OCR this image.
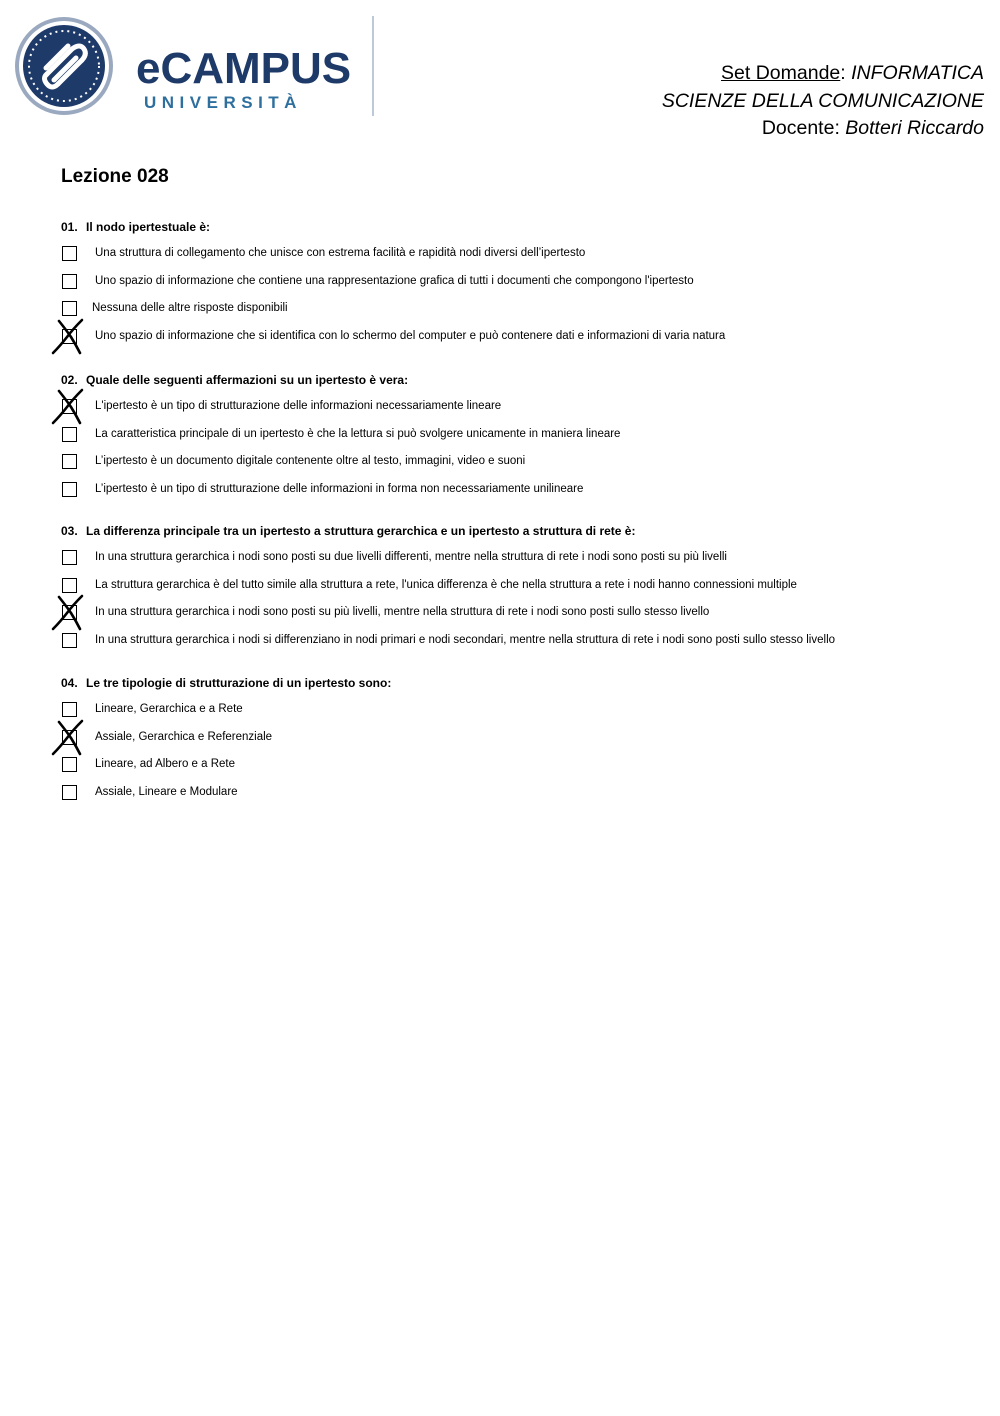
eCAMPUS
UNIVERSITÀ
Set Domande: INFORMATICA
SCIENZE DELLA COMUNICAZIONE
Docente: Botteri Riccardo
Lezione 028
01. Il nodo ipertestuale è:
Una struttura di collegamento che unisce con estrema facilità e rapidità nodi diversi dell’ipertesto
Uno spazio di informazione che contiene una rappresentazione grafica di tutti i documenti che compongono l'ipertesto
Nessuna delle altre risposte disponibili
Uno spazio di informazione che si identifica con lo schermo del computer e può contenere dati e informazioni di varia natura
02. Quale delle seguenti affermazioni su un ipertesto è vera:
L'ipertesto è un tipo di strutturazione delle informazioni necessariamente lineare
La caratteristica principale di un ipertesto è che la lettura si può svolgere unicamente in maniera lineare
L’ipertesto è un documento digitale contenente oltre al testo, immagini, video e suoni
L’ipertesto è un tipo di strutturazione delle informazioni in forma non necessariamente unilineare
03. La differenza principale tra un ipertesto a struttura gerarchica e un ipertesto a struttura di rete è:
In una struttura gerarchica i nodi sono posti su due livelli differenti, mentre nella struttura di rete i nodi sono posti su più livelli
La struttura gerarchica è del tutto simile alla struttura a rete, l'unica differenza è che nella struttura a rete i nodi hanno connessioni multiple
In una struttura gerarchica i nodi sono posti su più livelli, mentre nella struttura di rete i nodi sono posti sullo stesso livello
In una struttura gerarchica i nodi si differenziano in nodi primari e nodi secondari, mentre nella struttura di rete i nodi sono posti sullo stesso livello
04. Le tre tipologie di strutturazione di un ipertesto sono:
Lineare, Gerarchica e a Rete
Assiale, Gerarchica e Referenziale
Lineare, ad Albero e a Rete
Assiale, Lineare e Modulare
